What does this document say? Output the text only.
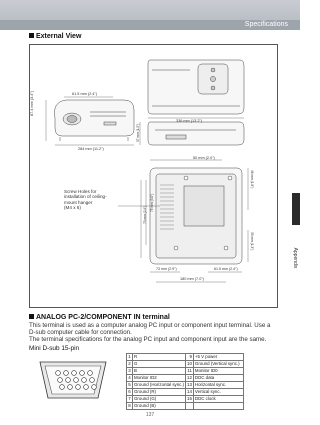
Specifications
Appendix
External View
87.4 mm (3.4")	61.5 mm (2.4")
336 mm (13.2")
284 mm (11.2")
37 mm (1.5")
50 mm (2.0")
46 mm (1.8")
75 mm (3.0")
73 mm (2.9")
33 mm (1.3")
73 mm (2.9")	61.5 mm (2.4")
180 mm (7.0")
Screw Holes for
installation of ceiling-
mount hanger
(M4 x 6)
ANALOG PC-2/COMPONENT IN terminal
This terminal is used as a computer analog PC input or component input terminal. Use a
D-sub computer cable for connection.
The terminal specifications for the analog PC input and component input are the same.
Mini D-sub 15-pin
1	R	9	+5 V power
2	G	10	Ground (Vertical sync.)
3	B	11	Monitor ID0
4	Monitor ID2	12	DDC data
5	Ground (Horizontal sync.)	13	Horizontal sync.
6	Ground (R)	14	Vertical sync.
7	Ground (G)	15	DDC clock
8	Ground (B)		
137
